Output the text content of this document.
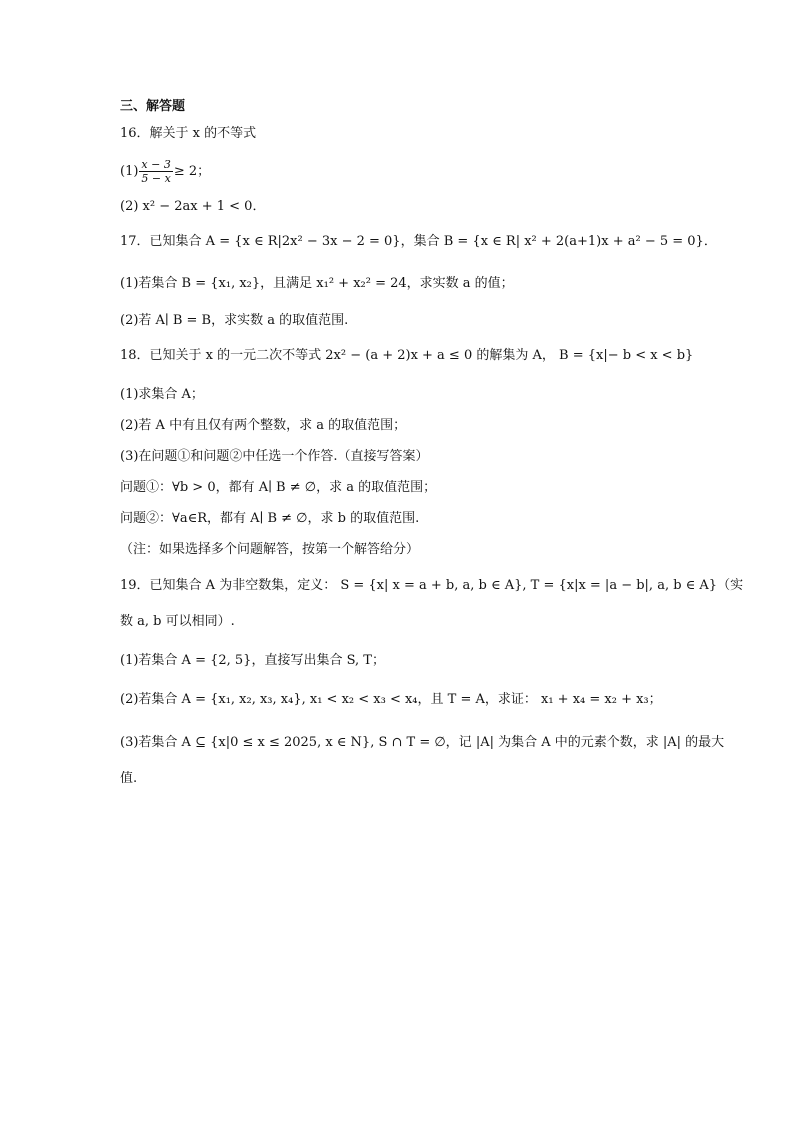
三、解答题
16．解关于 x 的不等式
$(1) \frac{x - 3}{5 - x} \ge 2$；
(2) x² − 2ax + 1 < 0．
17．已知集合 A = {x ∈ R|2x² − 3x − 2 = 0}，集合 B = {x ∈ R| x² + 2(a+1)x + a² − 5 = 0}．
(1)若集合 B = {x₁, x₂}，且满足 x₁² + x₂² = 24，求实数 a 的值；
(2)若 A∣ B = B，求实数 a 的取值范围.
18．已知关于 x 的一元二次不等式 2x² − (a + 2)x + a ≤ 0 的解集为 A， B = {x|− b < x < b}
(1)求集合 A；
(2)若 A 中有且仅有两个整数，求 a 的取值范围；
(3)在问题①和问题②中任选一个作答.（直接写答案）
问题①：∀b > 0，都有 A∣ B ≠ ∅，求 a 的取值范围；
问题②：∀a∈R，都有 A∣ B ≠ ∅，求 b 的取值范围.
（注：如果选择多个问题解答，按第一个解答给分）
19．已知集合 A 为非空数集，定义： S = {x| x = a + b, a, b ∈ A}, T = {x|x = |a − b|, a, b ∈ A}（实
数 a, b 可以相同）.
(1)若集合 A = {2, 5}，直接写出集合 S, T；
(2)若集合 A = {x₁, x₂, x₃, x₄}, x₁ < x₂ < x₃ < x₄，且 T = A，求证： x₁ + x₄ = x₂ + x₃；
(3)若集合 A ⊆ {x|0 ≤ x ≤ 2025, x ∈ N}, S ∩ T = ∅，记 |A| 为集合 A 中的元素个数，求 |A| 的最大
值.
